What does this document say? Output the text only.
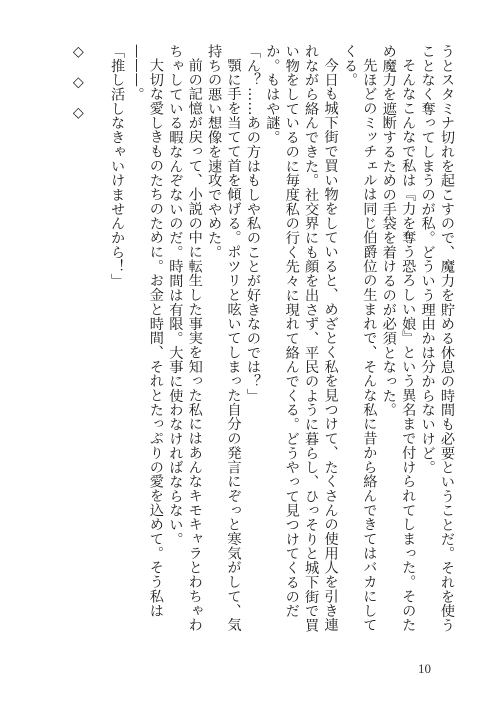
うとスタミナ切れを起こすので、魔力を貯める休息の時間も必要ということだ。それを使うことなく奪ってしまうのが私。どういう理由かは分からないけど。

そんなこんなで私は『力を奪う恐ろしい娘』という異名まで付けられてしまった。そのため魔力を遮断するための手袋を着けるのが必須となった。

先ほどのミッチェルは同じ伯爵位の生まれで、そんな私に昔から絡んできてはバカにしてくる。

今日も城下街で買い物をしていると、めざとく私を見つけて、たくさんの使用人を引き連れながら絡んできた。社交界にも顔を出さず、平民のように暮らし、ひっそりと城下街で買い物をしているのに毎度私の行く先々に現れて絡んでくる。どうやって見つけてくるのだか。もはや謎。

「ん？……あの方はもしや私のことが好きなのでは？」

顎に手を当てて首を傾げる。ポツリと呟いてしまった自分の発言にぞっと寒気がして、気持ちの悪い想像を速攻でやめた。

前の記憶が戻って、小説の中に転生した事実を知った私にはあんなキモキャラとわちゃわちゃしている暇なんぞないのだ。時間は有限。大事に使わなければならない。

大切な愛しきものたちのために。お金と時間、それとたっぷりの愛を込めて。そう私は———。

「推し活しなきゃいけませんから！」

◇　◇　◇

10
